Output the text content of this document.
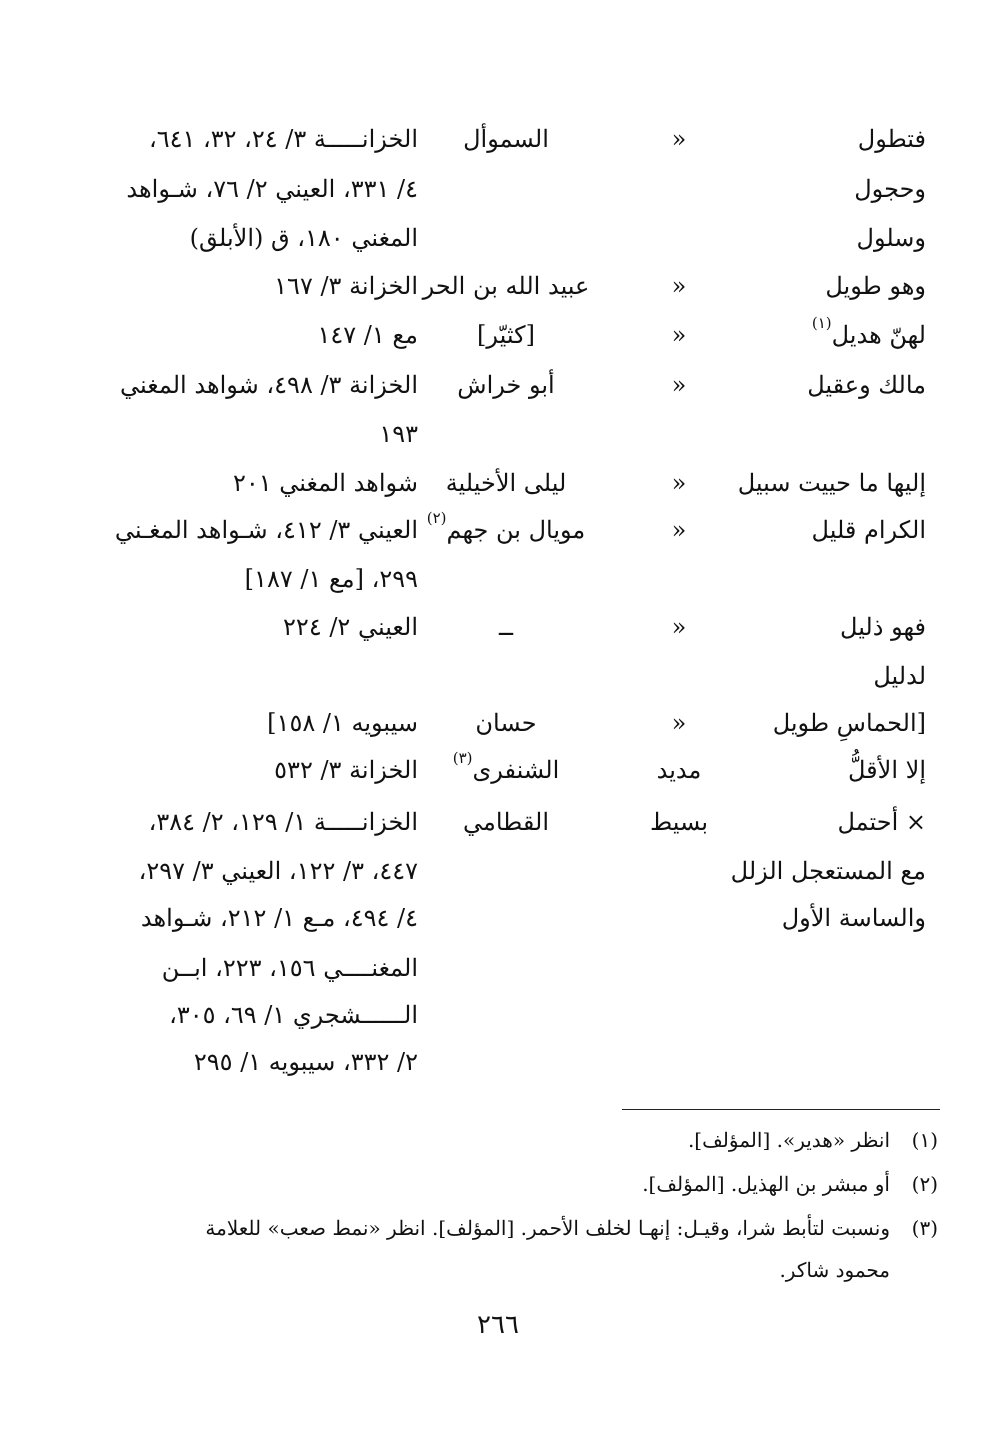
فتطول
»
السموأل
الخزانـــــة ٣/ ٢٤، ٣٢، ٦٤١،
وحجول
٤/ ٣٣١، العيني ٢/ ٧٦، شـواهد
وسلول
المغني ١٨٠، ق (الأبلق)
وهو طويل
»
عبيد الله بن الحر
الخزانة ٣/ ١٦٧
لهنّ هديل$^{(١)}$
»
[كثيّر]
مع ١/ ١٤٧
مالك وعقيل
»
أبو خراش
الخزانة ٣/ ٤٩٨، شواهد المغني
١٩٣
إليها ما حييت سبيل
»
ليلى الأخيلية
شواهد المغني ٢٠١
الكرام قليل
»
مويال بن جهم$^{(٢)}$
العيني ٣/ ٤١٢، شـواهد المغـني
٢٩٩، [مع ١/ ١٨٧]
فهو ذليل
»
ــ
العيني ٢/ ٢٢٤
لدليل
[الحماسِ طويل
»
حسان
سيبويه ١/ ١٥٨]
إلا الأقلُّ
مديد
الشنفرى$^{(٣)}$
الخزانة ٣/ ٥٣٢
× أحتمل
بسيط
القطامي
الخزانـــــة ١/ ١٢٩، ٢/ ٣٨٤،
مع المستعجل الزلل
٤٤٧، ٣/ ١٢٢، العيني ٣/ ٢٩٧،
والساسة الأول
٤/ ٤٩٤، مـع ١/ ٢١٢، شـواهد
المغنــــي ١٥٦، ٢٢٣، ابــن
الــــــشجري ١/ ٦٩، ٣٠٥،
٢/ ٣٣٢، سيبويه ١/ ٢٩٥
(١)انظر «هدير». [المؤلف].
(٢)أو مبشر بن الهذيل. [المؤلف].
(٣)ونسبت لتأبط شرا، وقيـل: إنهـا لخلف الأحمر. [المؤلف]. انظر «نمط صعب» للعلامة
محمود شاكر.
٢٦٦
